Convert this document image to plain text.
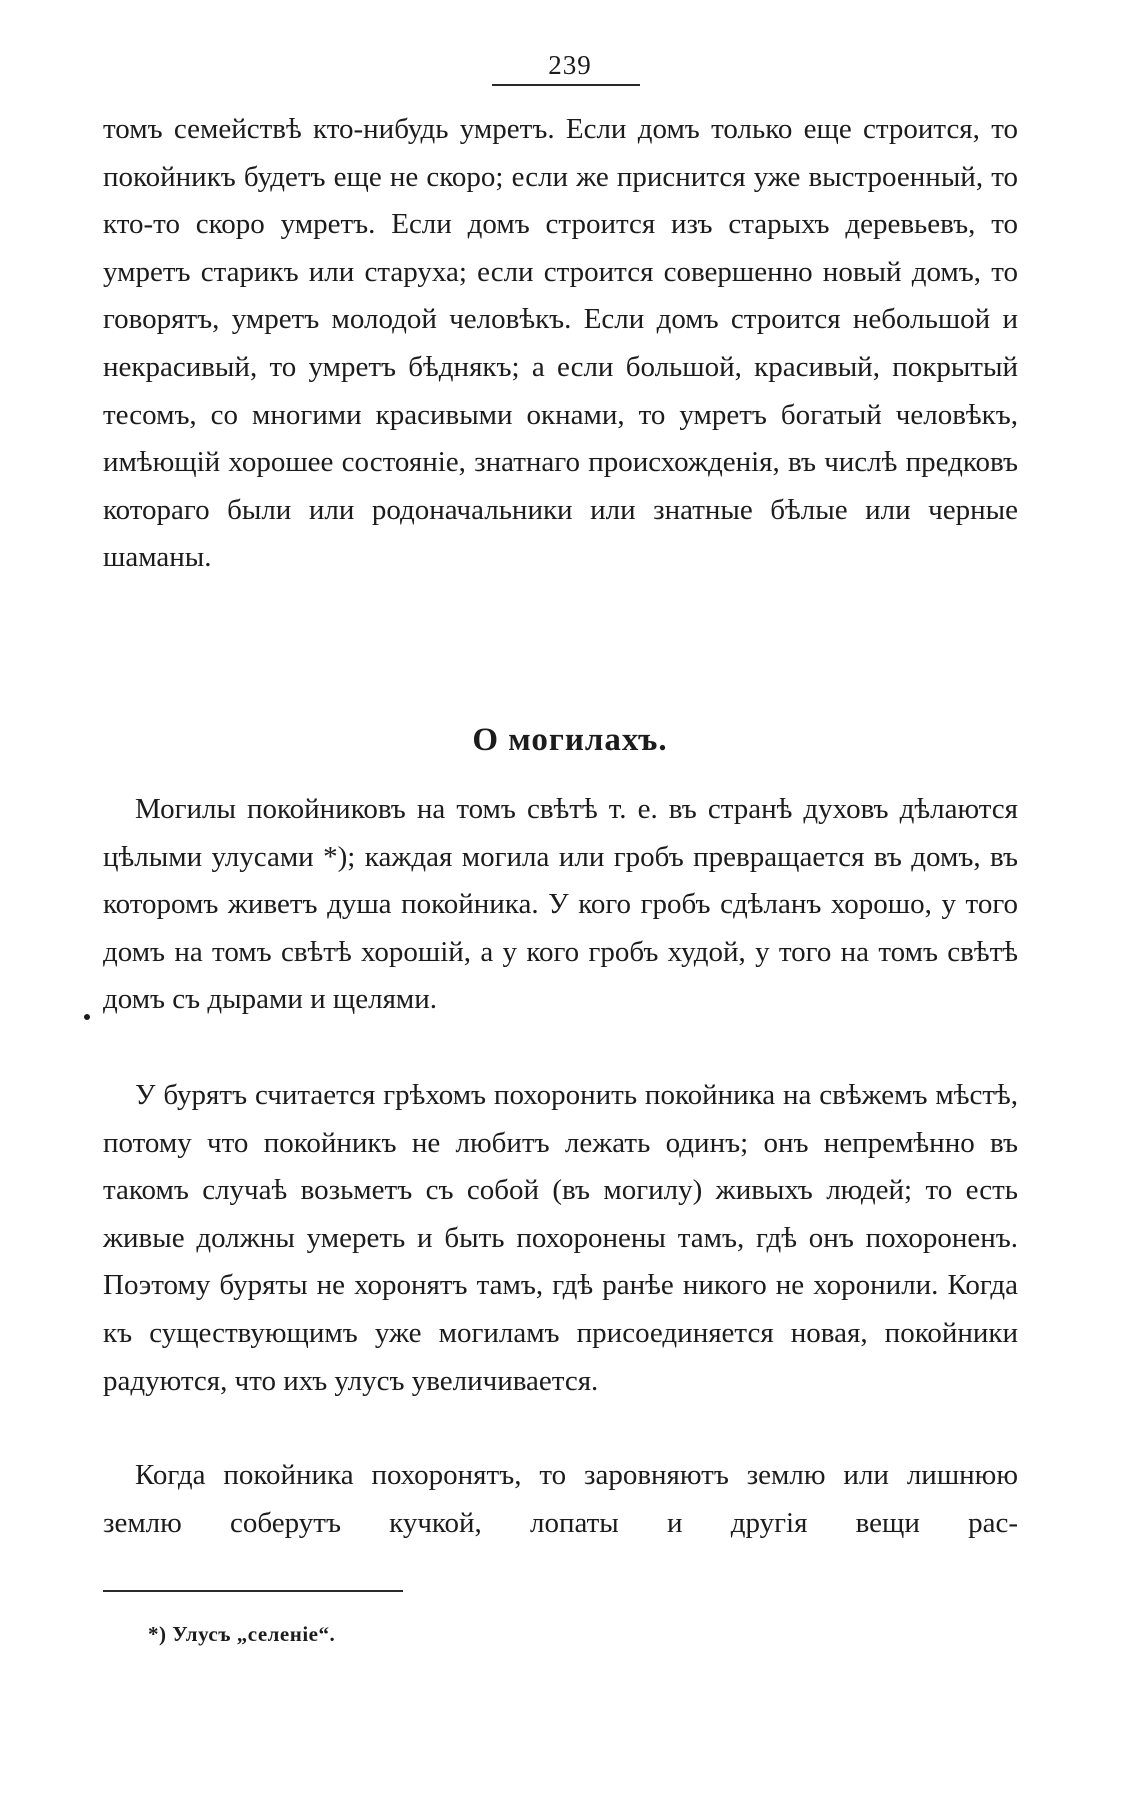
239

томъ семействѣ кто-нибудь умретъ. Если домъ только еще строится, то покойникъ будетъ еще не скоро; если же приснится уже выстроенный, то кто-то скоро умретъ. Если домъ строится изъ старыхъ деревьевъ, то умретъ старикъ или старуха; если строится совершенно новый домъ, то говорятъ, умретъ молодой человѣкъ. Если домъ строится небольшой и некрасивый, то умретъ бѣднякъ; а если большой, красивый, покрытый тесомъ, со многими красивыми окнами, то умретъ богатый человѣкъ, имѣющій хорошее состояніе, знатнаго происхожденія, въ числѣ предковъ котораго были или родоначальники или знатные бѣлые или черные шаманы.

О могилахъ.

Могилы покойниковъ на томъ свѣтѣ т. е. въ странѣ духовъ дѣлаются цѣлыми улусами *); каждая могила или гробъ превращается въ домъ, въ которомъ живетъ душа покойника. У кого гробъ сдѣланъ хорошо, у того домъ на томъ свѣтѣ хорошій, а у кого гробъ худой, у того на томъ свѣтѣ домъ съ дырами и щелями.

У бурятъ считается грѣхомъ похоронить покойника на свѣжемъ мѣстѣ, потому что покойникъ не любитъ лежать одинъ; онъ непремѣнно въ такомъ случаѣ возьметъ съ собой (въ могилу) живыхъ людей; то есть живые должны умереть и быть похоронены тамъ, гдѣ онъ похороненъ. Поэтому буряты не хоронятъ тамъ, гдѣ ранѣе никого не хоронили. Когда къ существующимъ уже могиламъ присоединяется новая, покойники радуются, что ихъ улусъ увеличивается.

Когда покойника похоронятъ, то заровняютъ землю или лишнюю землю соберутъ кучкой, лопаты и другія вещи рас-

*) Улусъ „селеніе“.
